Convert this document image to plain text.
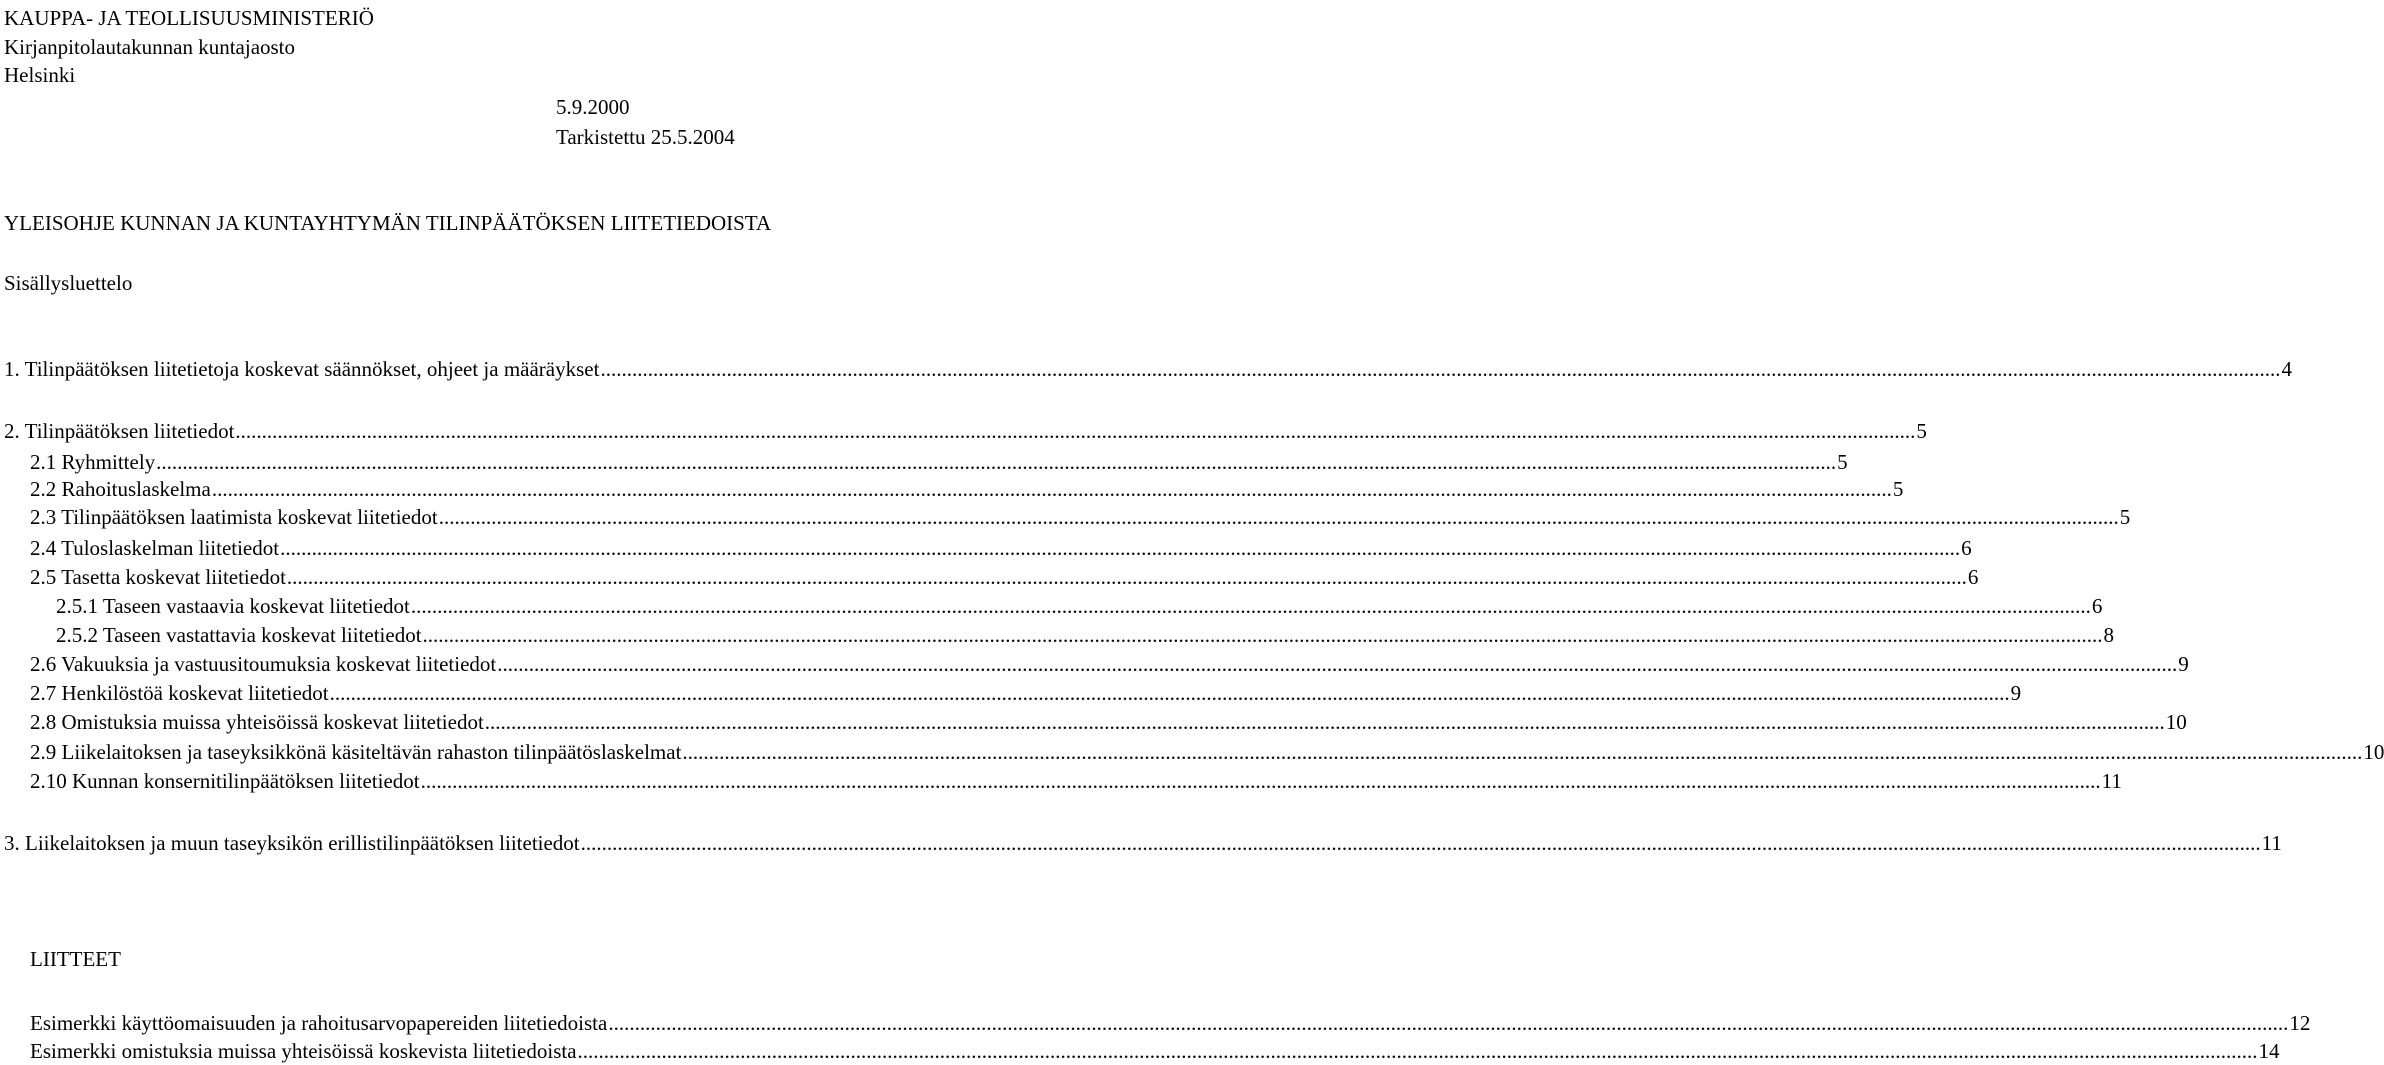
KAUPPA- JA TEOLLISUUSMINISTERIÖ
Kirjanpitolautakunnan kuntajaosto
Helsinki
5.9.2000
Tarkistettu 25.5.2004
YLEISOHJE KUNNAN JA KUNTAYHTYMÄN TILINPÄÄTÖKSEN LIITETIEDOISTA
Sisällysluettelo
1. Tilinpäätöksen liitetietoja koskevat säännökset, ohjeet ja määräykset .....	4
2. Tilinpäätöksen liitetiedot .....	5
2.1 Ryhmittely .....	5
2.2 Rahoituslaskelma .....	5
2.3 Tilinpäätöksen laatimista koskevat liitetiedot .....	5
2.4 Tuloslaskelman liitetiedot .....	6
2.5 Tasetta koskevat liitetiedot .....	6
2.5.1 Taseen vastaavia koskevat liitetiedot .....	6
2.5.2 Taseen vastattavia koskevat liitetiedot .....	8
2.6 Vakuuksia ja vastuusitoumuksia koskevat liitetiedot .....	9
2.7 Henkilöstöä koskevat liitetiedot .....	9
2.8 Omistuksia muissa yhteisöissä koskevat liitetiedot .....	10
2.9 Liikelaitoksen ja taseyksikkönä käsiteltävän rahaston tilinpäätöslaskelmat .....	10
2.10 Kunnan konsernitilinpäätöksen liitetiedot .....	11
3. Liikelaitoksen ja muun taseyksikön erillistilinpäätöksen liitetiedot .....	11
LIITTEET
Esimerkki käyttöomaisuuden ja rahoitusarvopapereiden liitetiedoista .....	12
Esimerkki omistuksia muissa yhteisöissä koskevista liitetiedoista .....	14
